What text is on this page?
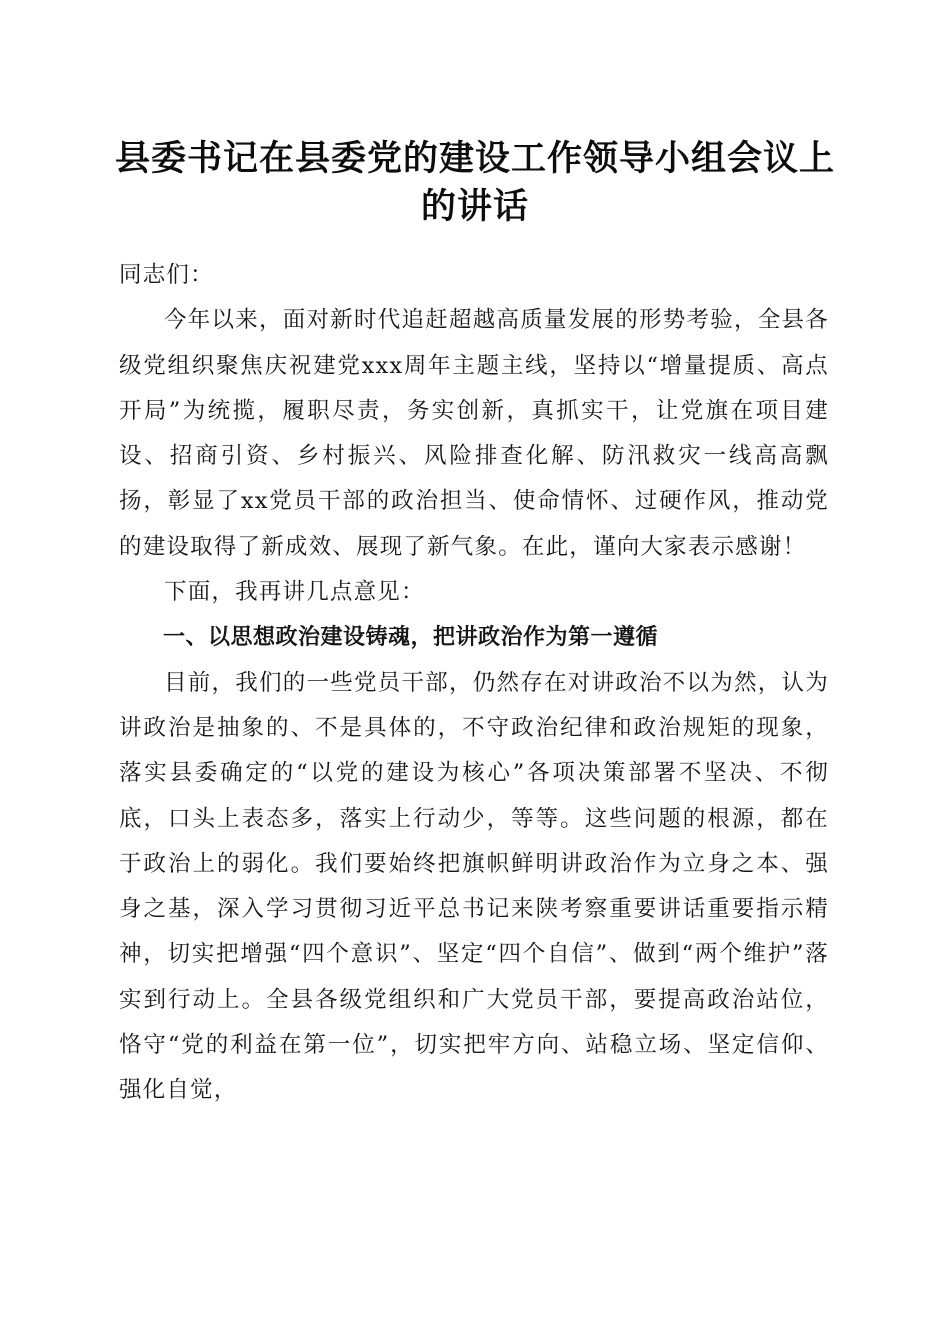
县委书记在县委党的建设工作领导小组会议上的讲话

同志们：

今年以来，面对新时代追赶超越高质量发展的形势考验，全县各级党组织聚焦庆祝建党xxx周年主题主线，坚持以“增量提质、高点开局”为统揽，履职尽责，务实创新，真抓实干，让党旗在项目建设、招商引资、乡村振兴、风险排查化解、防汛救灾一线高高飘扬，彰显了xx党员干部的政治担当、使命情怀、过硬作风，推动党的建设取得了新成效、展现了新气象。在此，谨向大家表示感谢！

下面，我再讲几点意见：

一、以思想政治建设铸魂，把讲政治作为第一遵循

目前，我们的一些党员干部，仍然存在对讲政治不以为然，认为讲政治是抽象的、不是具体的，不守政治纪律和政治规矩的现象，落实县委确定的“以党的建设为核心”各项决策部署不坚决、不彻底，口头上表态多，落实上行动少，等等。这些问题的根源，都在于政治上的弱化。我们要始终把旗帜鲜明讲政治作为立身之本、强身之基，深入学习贯彻习近平总书记来陕考察重要讲话重要指示精神，切实把增强“四个意识”、坚定“四个自信”、做到“两个维护”落实到行动上。全县各级党组织和广大党员干部，要提高政治站位，恪守“党的利益在第一位”，切实把牢方向、站稳立场、坚定信仰、强化自觉，
